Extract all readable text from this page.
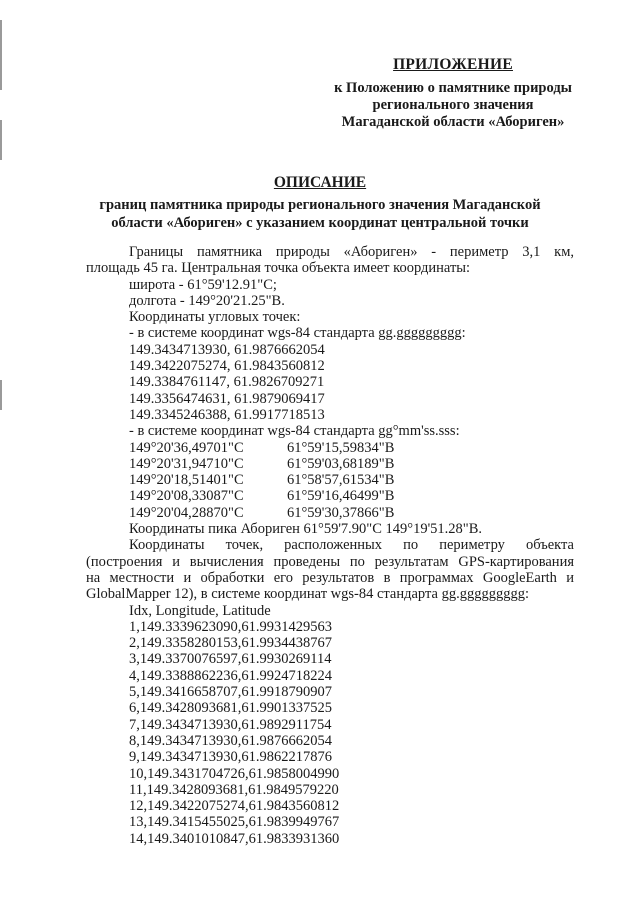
ПРИЛОЖЕНИЕ
к Положению о памятнике природы
регионального значения
Магаданской области «Абориген»
ОПИСАНИЕ
границ памятника природы регионального значения Магаданской
области «Абориген» с указанием координат центральной точки
Границы памятника природы «Абориген» - периметр 3,1 км,
площадь 45 га. Центральная точка объекта имеет координаты:
широта - 61°59'12.91"С;
долгота - 149°20'21.25"В.
Координаты угловых точек:
- в системе координат wgs-84 стандарта gg.ggggggggg:
149.3434713930, 61.9876662054
149.3422075274, 61.9843560812
149.3384761147, 61.9826709271
149.3356474631, 61.9879069417
149.3345246388, 61.9917718513
- в системе координат wgs-84 стандарта gg°mm'ss.sss:
149°20'36,49701"С	61°59'15,59834"В
149°20'31,94710"С	61°59'03,68189"В
149°20'18,51401"С	61°58'57,61534"В
149°20'08,33087"С	61°59'16,46499"В
149°20'04,28870"С	61°59'30,37866"В
Координаты пика Абориген 61°59'7.90"С 149°19'51.28"В.
Координаты точек, расположенных по периметру объекта
(построения и вычисления проведены по результатам GPS-картирования
на местности и обработки его результатов в программах GoogleEarth и
GlobalMapper 12), в системе координат wgs-84 стандарта gg.ggggggggg:
Idx, Longitude, Latitude
1,149.3339623090,61.9931429563
2,149.3358280153,61.9934438767
3,149.3370076597,61.9930269114
4,149.3388862236,61.9924718224
5,149.3416658707,61.9918790907
6,149.3428093681,61.9901337525
7,149.3434713930,61.9892911754
8,149.3434713930,61.9876662054
9,149.3434713930,61.9862217876
10,149.3431704726,61.9858004990
11,149.3428093681,61.9849579220
12,149.3422075274,61.9843560812
13,149.3415455025,61.9839949767
14,149.3401010847,61.9833931360
